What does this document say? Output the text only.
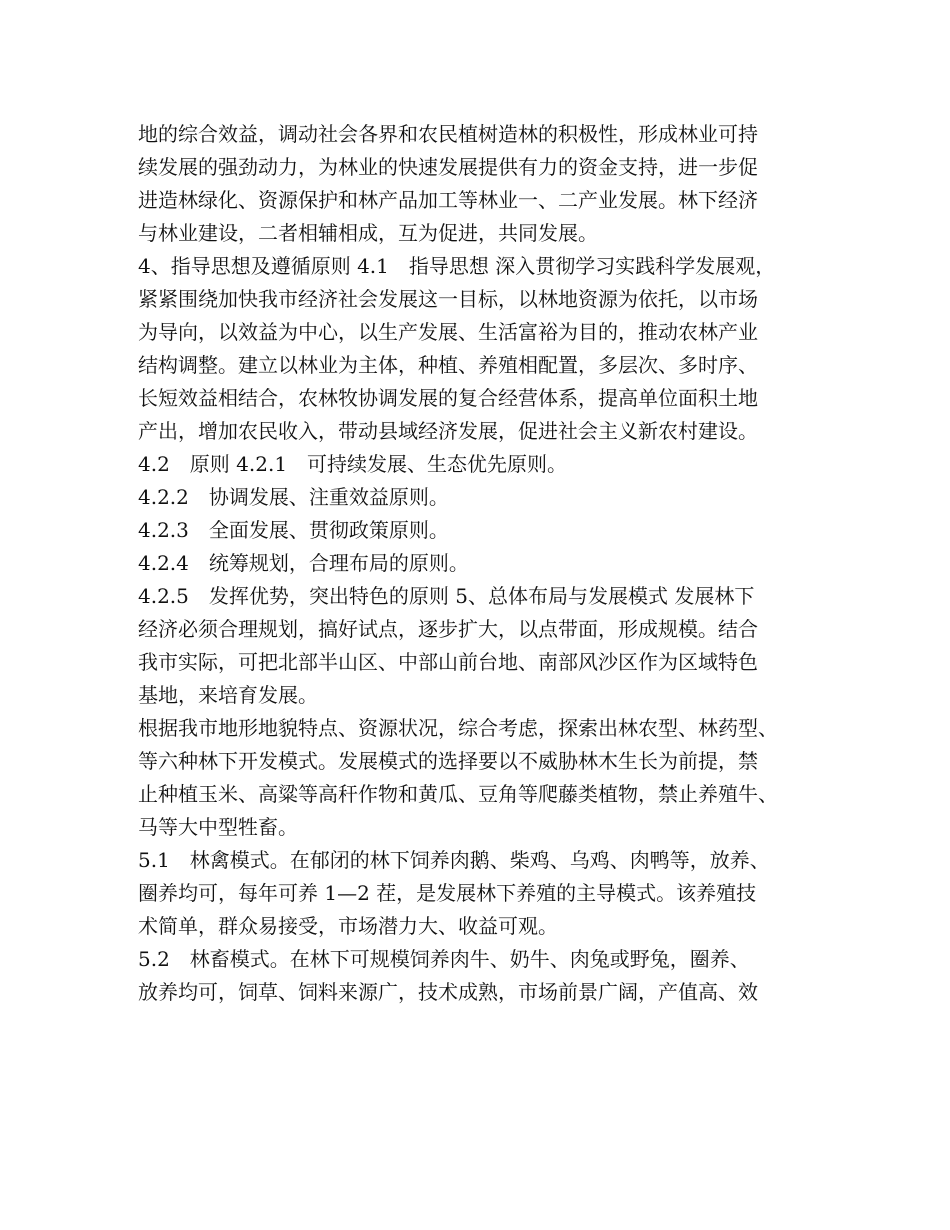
地的综合效益，调动社会各界和农民植树造林的积极性，形成林业可持
续发展的强劲动力，为林业的快速发展提供有力的资金支持，进一步促
进造林绿化、资源保护和林产品加工等林业一、二产业发展。林下经济
与林业建设，二者相辅相成，互为促进，共同发展。
4、指导思想及遵循原则 4.1　指导思想 深入贯彻学习实践科学发展观，
紧紧围绕加快我市经济社会发展这一目标，以林地资源为依托，以市场
为导向，以效益为中心，以生产发展、生活富裕为目的，推动农林产业
结构调整。建立以林业为主体，种植、养殖相配置，多层次、多时序、
长短效益相结合，农林牧协调发展的复合经营体系，提高单位面积土地
产出，增加农民收入，带动县域经济发展，促进社会主义新农村建设。
4.2　原则 4.2.1　可持续发展、生态优先原则。
4.2.2　协调发展、注重效益原则。
4.2.3　全面发展、贯彻政策原则。
4.2.4　统筹规划，合理布局的原则。
4.2.5　发挥优势，突出特色的原则 5、总体布局与发展模式 发展林下
经济必须合理规划，搞好试点，逐步扩大，以点带面，形成规模。结合
我市实际，可把北部半山区、中部山前台地、南部风沙区作为区域特色
基地，来培育发展。
根据我市地形地貌特点、资源状况，综合考虑，探索出林农型、林药型、
等六种林下开发模式。发展模式的选择要以不威胁林木生长为前提，禁
止种植玉米、高粱等高秆作物和黄瓜、豆角等爬藤类植物，禁止养殖牛、
马等大中型牲畜。
5.1　林禽模式。在郁闭的林下饲养肉鹅、柴鸡、乌鸡、肉鸭等，放养、
圈养均可，每年可养 1—2 茬，是发展林下养殖的主导模式。该养殖技
术简单，群众易接受，市场潜力大、收益可观。
5.2　林畜模式。在林下可规模饲养肉牛、奶牛、肉兔或野兔，圈养、
放养均可，饲草、饲料来源广，技术成熟，市场前景广阔，产值高、效
